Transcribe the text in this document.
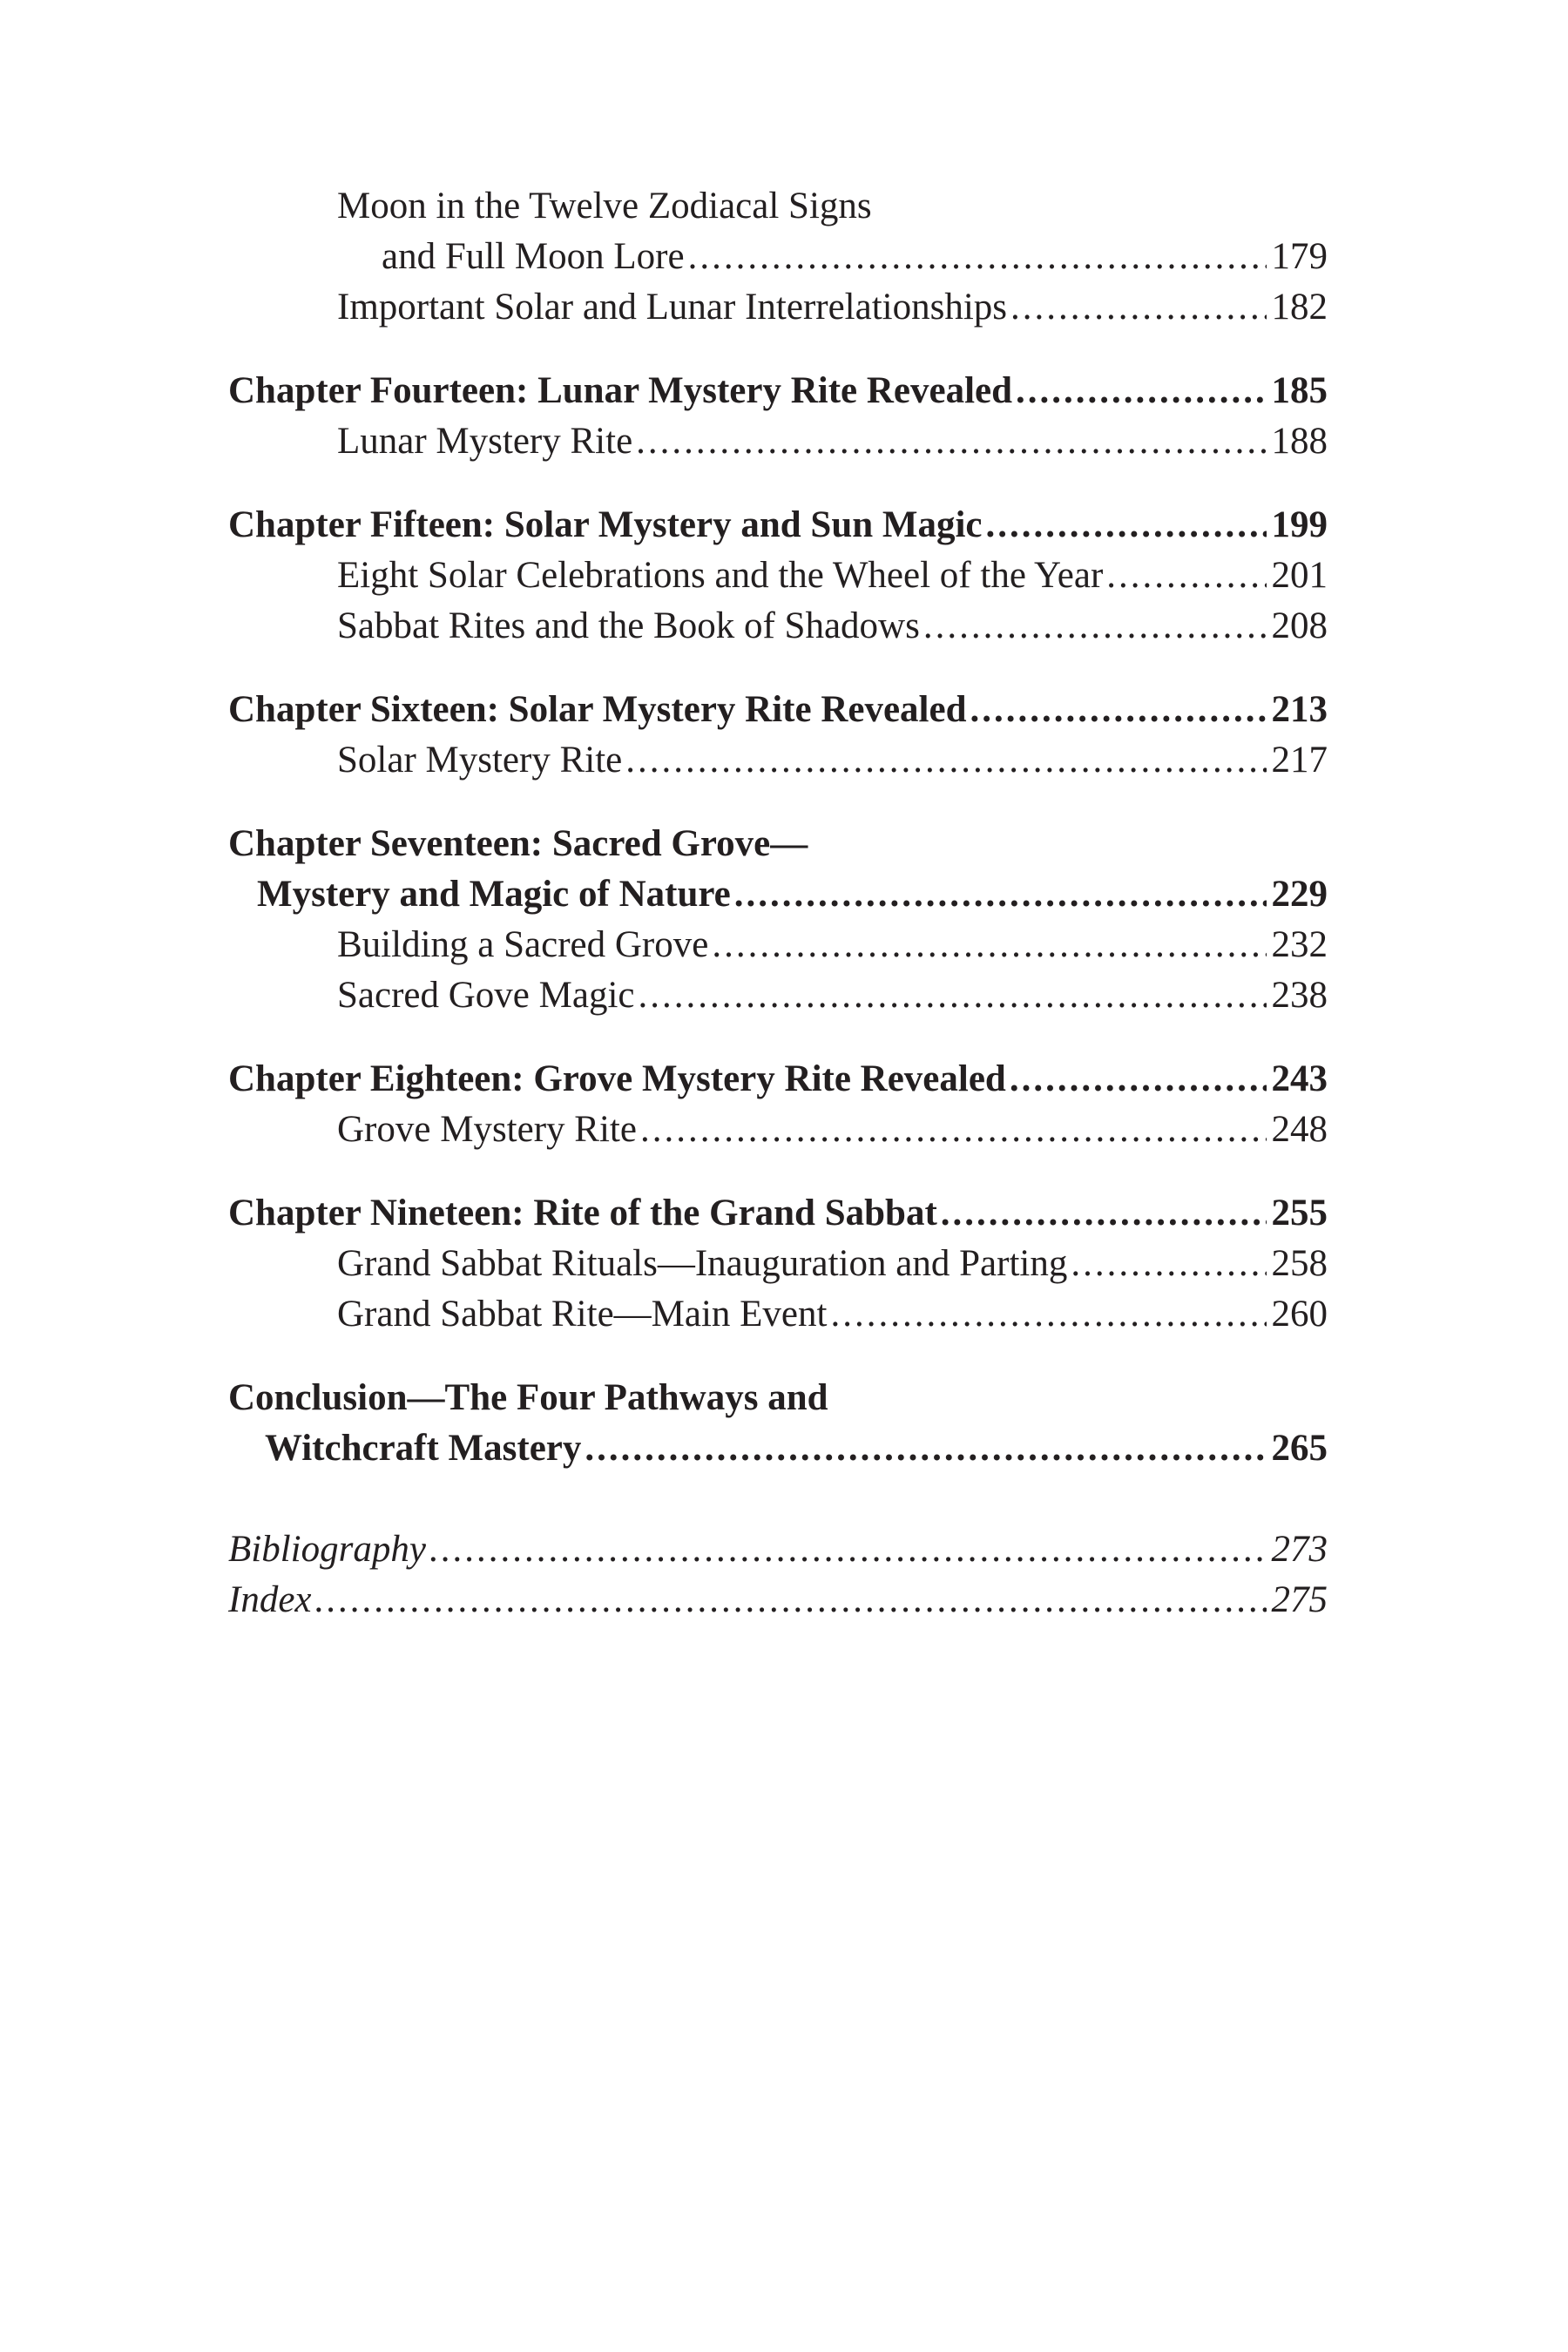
Moon in the Twelve Zodiacal Signs
and Full Moon Lore .....	179
Important Solar and Lunar Interrelationships .....	182
Chapter Fourteen: Lunar Mystery Rite Revealed .....	185
Lunar Mystery Rite .....	188
Chapter Fifteen: Solar Mystery and Sun Magic .....	199
Eight Solar Celebrations and the Wheel of the Year .....	201
Sabbat Rites and the Book of Shadows .....	208
Chapter Sixteen: Solar Mystery Rite Revealed .....	213
Solar Mystery Rite .....	217
Chapter Seventeen: Sacred Grove—
Mystery and Magic of Nature .....	229
Building a Sacred Grove .....	232
Sacred Gove Magic .....	238
Chapter Eighteen: Grove Mystery Rite Revealed .....	243
Grove Mystery Rite .....	248
Chapter Nineteen: Rite of the Grand Sabbat .....	255
Grand Sabbat Rituals—Inauguration and Parting .....	258
Grand Sabbat Rite—Main Event .....	260
Conclusion—The Four Pathways and
Witchcraft Mastery .....	265
Bibliography .....	273
Index .....	275
